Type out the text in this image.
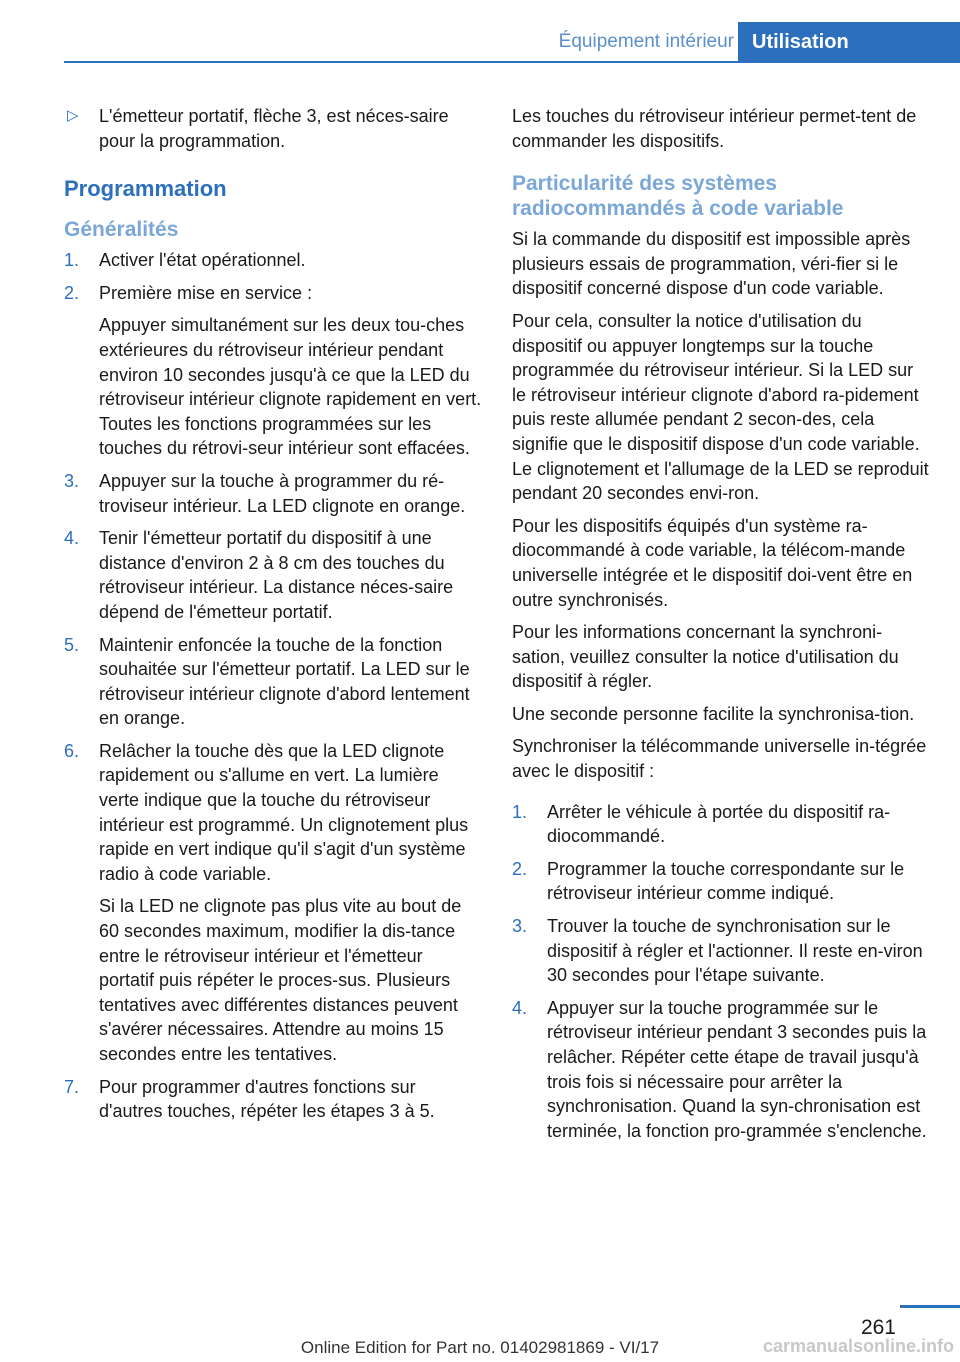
Équipement intérieur Utilisation

▷ L'émetteur portatif, flèche 3, est néces‐saire pour la programmation.

Programmation
Généralités
1. Activer l'état opérationnel.
2. Première mise en service :
Appuyer simultanément sur les deux tou‐ches extérieures du rétroviseur intérieur pendant environ 10 secondes jusqu'à ce que la LED du rétroviseur intérieur clignote rapidement en vert. Toutes les fonctions programmées sur les touches du rétrovi‐seur intérieur sont effacées.
3. Appuyer sur la touche à programmer du ré‐troviseur intérieur. La LED clignote en orange.
4. Tenir l'émetteur portatif du dispositif à une distance d'environ 2 à 8 cm des touches du rétroviseur intérieur. La distance néces‐saire dépend de l'émetteur portatif.
5. Maintenir enfoncée la touche de la fonction souhaitée sur l'émetteur portatif. La LED sur le rétroviseur intérieur clignote d'abord lentement en orange.
6. Relâcher la touche dès que la LED clignote rapidement ou s'allume en vert. La lumière verte indique que la touche du rétroviseur intérieur est programmé. Un clignotement plus rapide en vert indique qu'il s'agit d'un système radio à code variable.
Si la LED ne clignote pas plus vite au bout de 60 secondes maximum, modifier la dis‐tance entre le rétroviseur intérieur et l'émetteur portatif puis répéter le proces‐sus. Plusieurs tentatives avec différentes distances peuvent s'avérer nécessaires. Attendre au moins 15 secondes entre les tentatives.
7. Pour programmer d'autres fonctions sur d'autres touches, répéter les étapes 3 à 5.

Les touches du rétroviseur intérieur permet‐tent de commander les dispositifs.

Particularité des systèmes radiocommandés à code variable

Si la commande du dispositif est impossible après plusieurs essais de programmation, véri‐fier si le dispositif concerné dispose d'un code variable.

Pour cela, consulter la notice d'utilisation du dispositif ou appuyer longtemps sur la touche programmée du rétroviseur intérieur. Si la LED sur le rétroviseur intérieur clignote d'abord ra‐pidement puis reste allumée pendant 2 secon‐des, cela signifie que le dispositif dispose d'un code variable. Le clignotement et l'allumage de la LED se reproduit pendant 20 secondes envi‐ron.

Pour les dispositifs équipés d'un système ra‐diocommandé à code variable, la télécom‐mande universelle intégrée et le dispositif doi‐vent être en outre synchronisés.

Pour les informations concernant la synchroni‐sation, veuillez consulter la notice d'utilisation du dispositif à régler.

Une seconde personne facilite la synchronisa‐tion.

Synchroniser la télécommande universelle in‐tégrée avec le dispositif :

1. Arrêter le véhicule à portée du dispositif ra‐diocommandé.
2. Programmer la touche correspondante sur le rétroviseur intérieur comme indiqué.
3. Trouver la touche de synchronisation sur le dispositif à régler et l'actionner. Il reste en‐viron 30 secondes pour l'étape suivante.
4. Appuyer sur la touche programmée sur le rétroviseur intérieur pendant 3 secondes puis la relâcher. Répéter cette étape de travail jusqu'à trois fois si nécessaire pour arrêter la synchronisation. Quand la syn‐chronisation est terminée, la fonction pro‐grammée s'enclenche.
261
Online Edition for Part no. 01402981869 - VI/17	carmanualsonline.info
